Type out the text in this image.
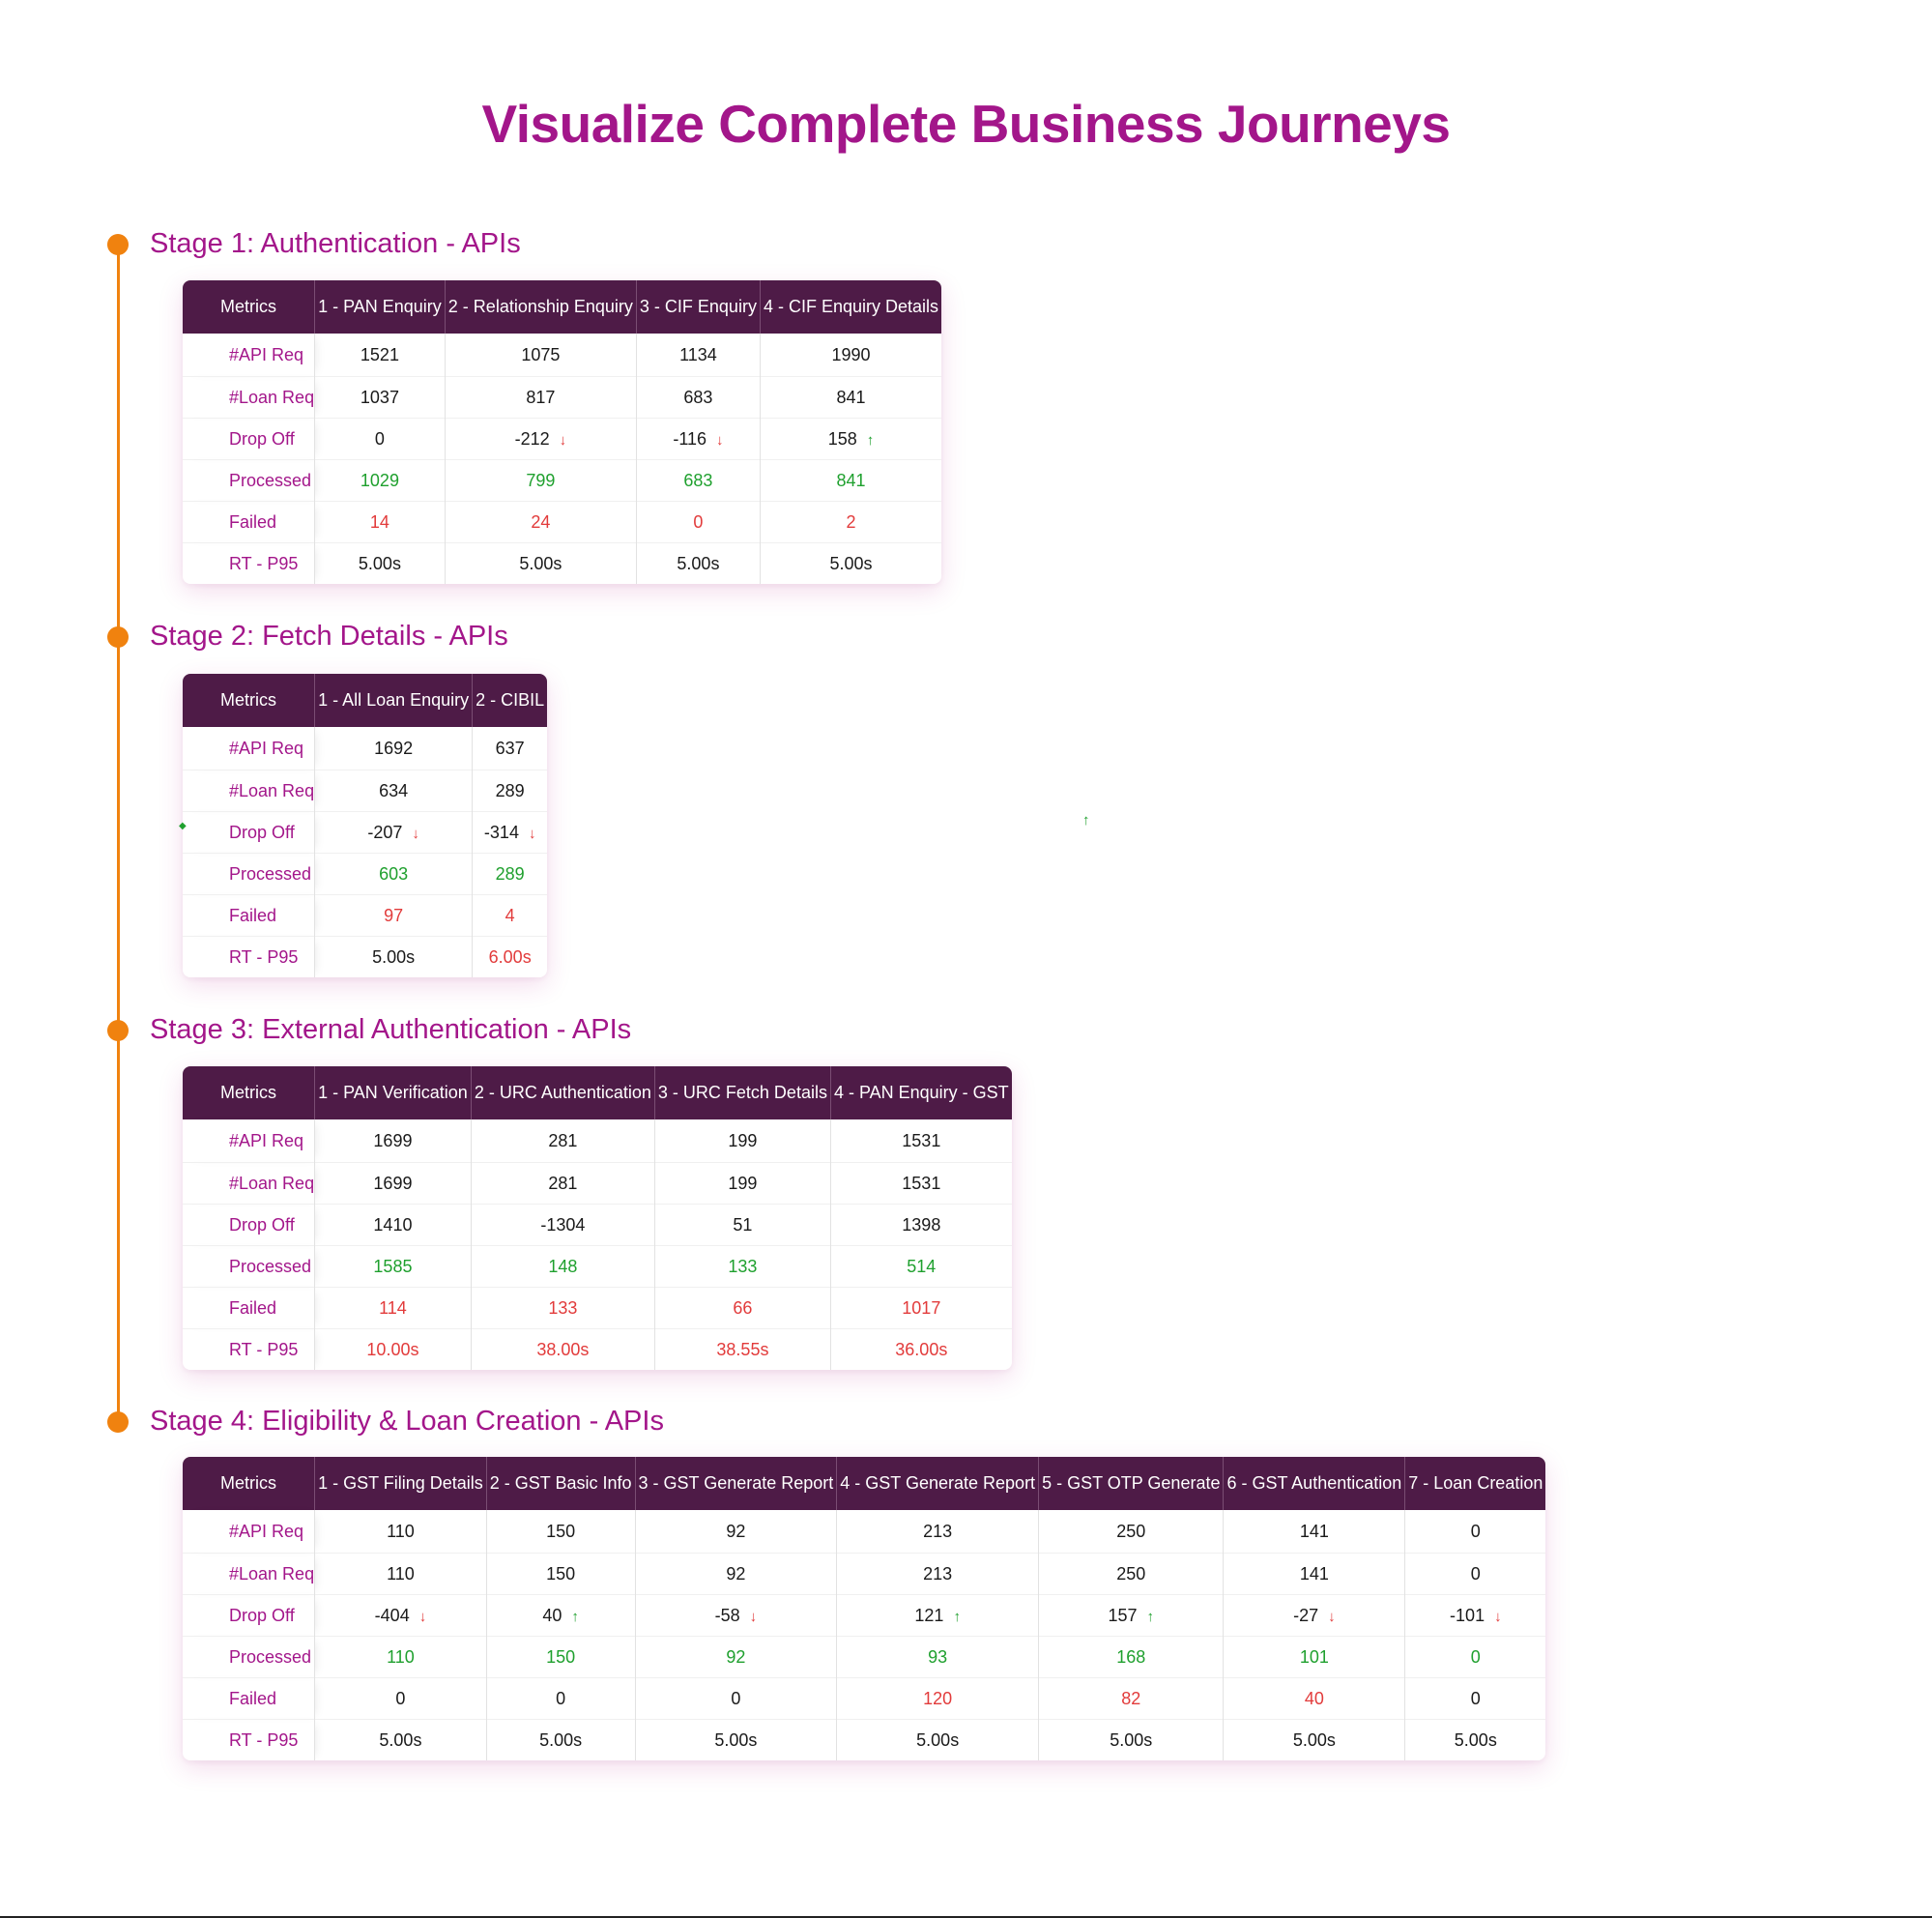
Visualize Complete Business Journeys
Stage 1: Authentication - APIs
Metrics	1 - PAN Enquiry	2 - Relationship Enquiry	3 - CIF Enquiry	4 - CIF Enquiry Details
#API Req	1521	1075	1134	1990
#Loan Req	1037	817	683	841
Drop Off	0	-212 ↓	-116 ↓	158 ↑
Processed	1029	799	683	841
Failed	14	24	0	2
RT - P95	5.00s	5.00s	5.00s	5.00s
Stage 2: Fetch Details - APIs
Metrics	1 - All Loan Enquiry	2 - CIBIL
#API Req	1692	637
#Loan Req	634	289
Drop Off	-207 ↓	-314 ↓
Processed	603	289
Failed	97	4
RT - P95	5.00s	6.00s
◆	↑
Stage 3: External Authentication - APIs
Metrics	1 - PAN Verification	2 - URC Authentication	3 - URC Fetch Details	4 - PAN Enquiry - GST
#API Req	1699	281	199	1531
#Loan Req	1699	281	199	1531
Drop Off	1410	-1304	51	1398
Processed	1585	148	133	514
Failed	114	133	66	1017
RT - P95	10.00s	38.00s	38.55s	36.00s
Stage 4: Eligibility & Loan Creation - APIs
Metrics	1 - GST Filing Details	2 - GST Basic Info	3 - GST Generate Report	4 - GST Generate Report	5 - GST OTP Generate	6 - GST Authentication	7 - Loan Creation
#API Req	110	150	92	213	250	141	0
#Loan Req	110	150	92	213	250	141	0
Drop Off	-404 ↓	40 ↑	-58 ↓	121 ↑	157 ↑	-27 ↓	-101 ↓
Processed	110	150	92	93	168	101	0
Failed	0	0	0	120	82	40	0
RT - P95	5.00s	5.00s	5.00s	5.00s	5.00s	5.00s	5.00s
